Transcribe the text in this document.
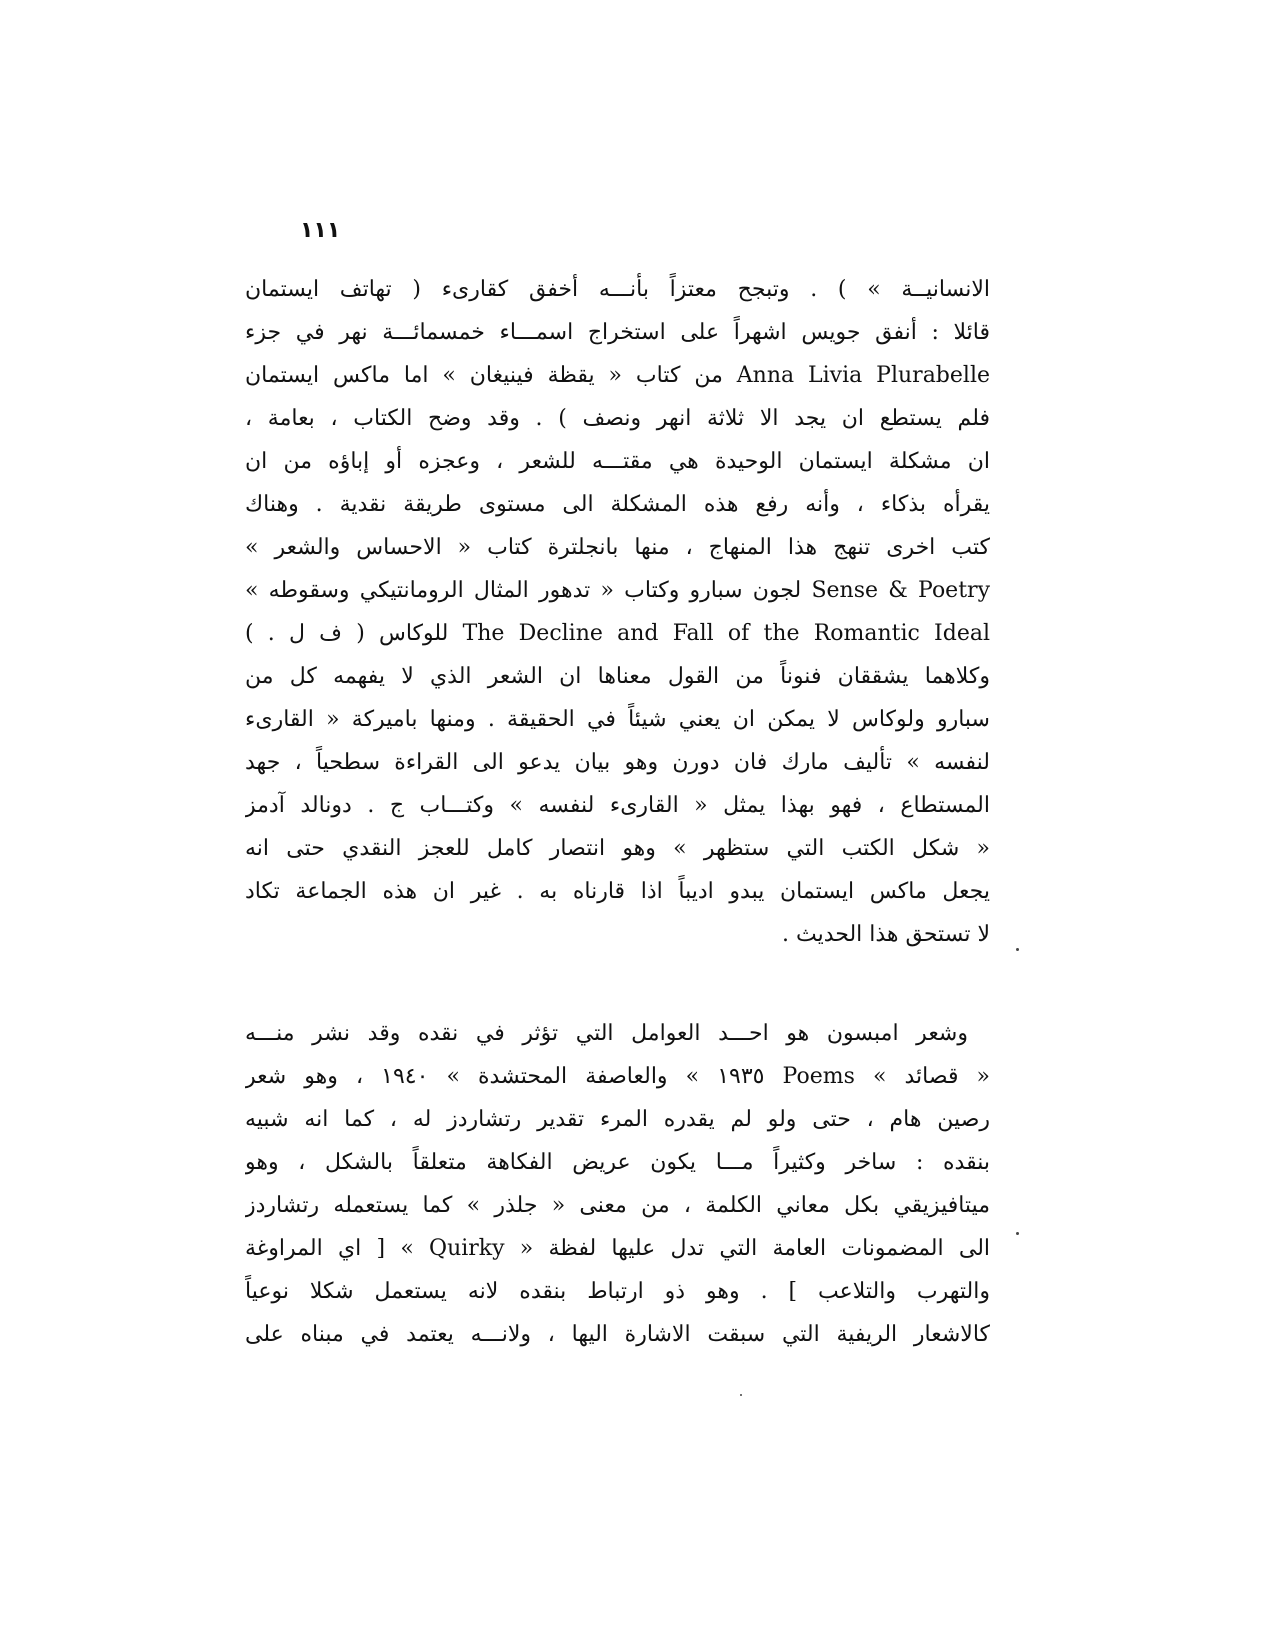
١١١
الانسانيــة » ) . وتبجح معتزاً بأنـــه أخفق كقارىء ( تهاتف ايستمان
قائلا : أنفق جويس اشهراً على استخراج اسمـــاء خمسمائـــة نهر في جزء
Anna Livia Plurabelle من كتاب « يقظة فينيغان » اما ماكس ايستمان
فلم يستطع ان يجد الا ثلاثة انهر ونصف ) . وقد وضح الكتاب ، بعامة ،
ان مشكلة ايستمان الوحيدة هي مقتـــه للشعر ، وعجزه أو إباؤه من ان
يقرأه بذكاء ، وأنه رفع هذه المشكلة الى مستوى طريقة نقدية . وهناك
كتب اخرى تنهج هذا المنهاج ، منها بانجلترة كتاب « الاحساس والشعر »
Sense & Poetry لجون سبارو وكتاب « تدهور المثال الرومانتيكي وسقوطه »
The Decline and Fall of the Romantic Ideal للوكاس ( ف ل . )
وكلاهما يشققان فنوناً من القول معناها ان الشعر الذي لا يفهمه كل من
سبارو ولوكاس لا يمكن ان يعني شيئاً في الحقيقة . ومنها باميركة « القارىء
لنفسه » تأليف مارك فان دورن وهو بيان يدعو الى القراءة سطحياً ، جهد
المستطاع ، فهو بهذا يمثل « القارىء لنفسه » وكتـــاب ج . دونالد آدمز
« شكل الكتب التي ستظهر » وهو انتصار كامل للعجز النقدي حتى انه
يجعل ماكس ايستمان يبدو اديباً اذا قارناه به . غير ان هذه الجماعة تكاد
لا تستحق هذا الحديث .
وشعر امبسون هو احـــد العوامل التي تؤثر في نقده وقد نشر منـــه
« قصائد » Poems ١٩٣٥ » والعاصفة المحتشدة » ١٩٤٠ ، وهو شعر
رصين هام ، حتى ولو لم يقدره المرء تقدير رتشاردز له ، كما انه شبيه
بنقده : ساخر وكثيراً مـــا يكون عريض الفكاهة متعلقاً بالشكل ، وهو
ميتافيزيقي بكل معاني الكلمة ، من معنى « جلذر » كما يستعمله رتشاردز
الى المضمونات العامة التي تدل عليها لفظة « Quirky » [ اي المراوغة
والتهرب والتلاعب ] . وهو ذو ارتباط بنقده لانه يستعمل شكلا نوعياً
كالاشعار الريفية التي سبقت الاشارة اليها ، ولانـــه يعتمد في مبناه على
